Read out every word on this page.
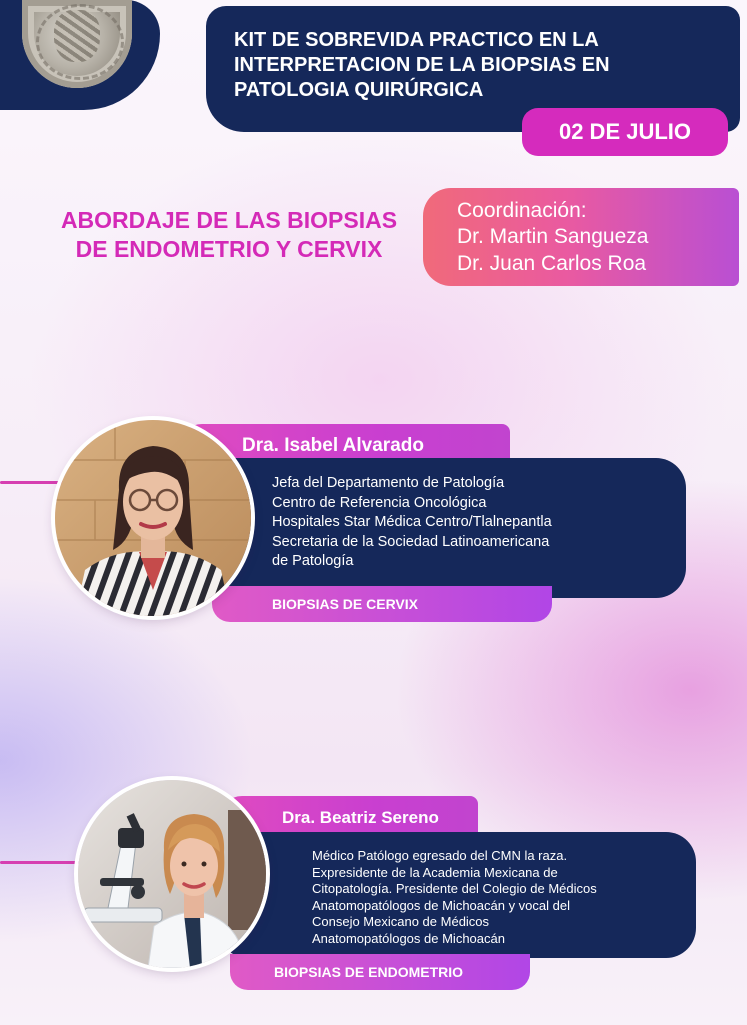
KIT DE SOBREVIDA PRACTICO EN LA INTERPRETACION DE LA BIOPSIAS EN PATOLOGIA QUIRÚRGICA

02 DE JULIO

ABORDAJE DE LAS BIOPSIAS DE ENDOMETRIO Y CERVIX

Coordinación:
Dr. Martin Sangueza
Dr. Juan Carlos Roa
Dra. Isabel Alvarado

Jefa del Departamento de Patología

Centro de Referencia Oncológica

Hospitales Star Médica Centro/Tlalnepantla

Secretaria de la Sociedad Latinoamericana

de Patología

BIOPSIAS DE CERVIX
Dra. Beatriz Sereno

Médico Patólogo egresado del CMN la raza.

Expresidente de la Academia Mexicana de

Citopatología. Presidente del Colegio de Médicos

Anatomopatólogos de Michoacán y vocal del

Consejo Mexicano de Médicos

Anatomopatólogos de Michoacán

BIOPSIAS DE ENDOMETRIO
